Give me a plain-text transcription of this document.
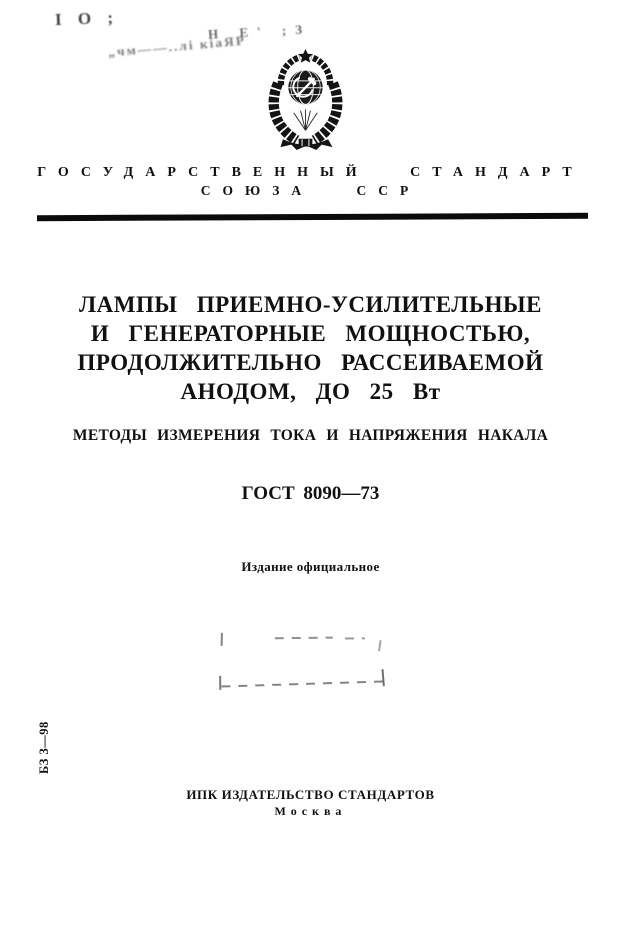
І О ;
Н Е' ;З
„чм——..лі кіаЯР
ГОСУДАРСТВЕННЫЙ СТАНДАРТ
СОЮЗА ССР
ЛАМПЫ ПРИЕМНО-УСИЛИТЕЛЬНЫЕ
И ГЕНЕРАТОРНЫЕ МОЩНОСТЬЮ,
ПРОДОЛЖИТЕЛЬНО РАССЕИВАЕМОЙ
АНОДОМ, ДО 25 Вт
МЕТОДЫ ИЗМЕРЕНИЯ ТОКА И НАПРЯЖЕНИЯ НАКАЛА
ГОСТ 8090—73
Издание официальное
БЗ 3—98
ИПК ИЗДАТЕЛЬСТВО СТАНДАРТОВ
Москва
